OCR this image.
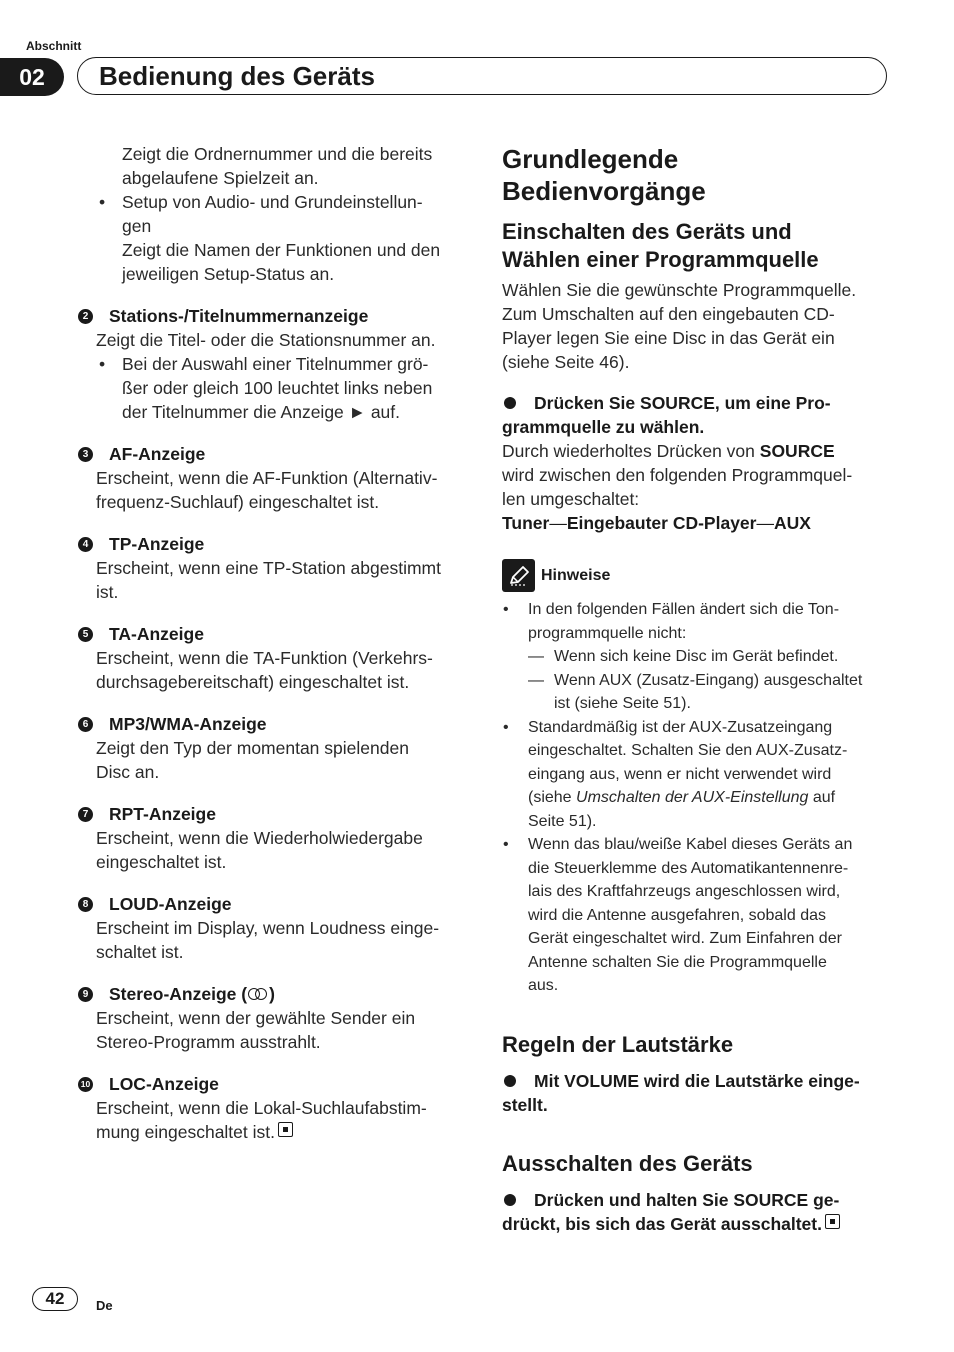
Abschnitt
02	Bedienung des Geräts

Zeigt die Ordnernummer und die bereits
abgelaufene Spielzeit an.

• Setup von Audio- und Grundeinstellun-
gen
Zeigt die Namen der Funktionen und den
jeweiligen Setup-Status an.

2 Stations-/Titelnummernanzeige

Zeigt die Titel- oder die Stationsnummer an.

• Bei der Auswahl einer Titelnummer grö-
ßer oder gleich 100 leuchtet links neben
der Titelnummer die Anzeige ► auf.

3 AF-Anzeige

Erscheint, wenn die AF-Funktion (Alternativ-
frequenz-Suchlauf) eingeschaltet ist.

4 TP-Anzeige

Erscheint, wenn eine TP-Station abgestimmt
ist.

5 TA-Anzeige

Erscheint, wenn die TA-Funktion (Verkehrs-
durchsagebereitschaft) eingeschaltet ist.

6 MP3/WMA-Anzeige

Zeigt den Typ der momentan spielenden
Disc an.

7 RPT-Anzeige

Erscheint, wenn die Wiederholwiedergabe
eingeschaltet ist.

8 LOUD-Anzeige

Erscheint im Display, wenn Loudness einge-
schaltet ist.

9 Stereo-Anzeige ( )

Erscheint, wenn der gewählte Sender ein
Stereo-Programm ausstrahlt.

10 LOC-Anzeige

Erscheint, wenn die Lokal-Suchlaufabstim-
mung eingeschaltet ist.

Grundlegende
Bedienvorgänge
Einschalten des Geräts und
Wählen einer Programmquelle

Wählen Sie die gewünschte Programmquelle.
Zum Umschalten auf den eingebauten CD-
Player legen Sie eine Disc in das Gerät ein
(siehe Seite 46).

Drücken Sie SOURCE, um eine Pro-
grammquelle zu wählen.

Durch wiederholtes Drücken von SOURCE
wird zwischen den folgenden Programmquel-
len umgeschaltet:

Tuner—Eingebauter CD-Player—AUX

Hinweise
• In den folgenden Fällen ändert sich die Ton-
programmquelle nicht:
— Wenn sich keine Disc im Gerät befindet.
— Wenn AUX (Zusatz-Eingang) ausgeschaltet
ist (siehe Seite 51).
• Standardmäßig ist der AUX-Zusatzeingang
eingeschaltet. Schalten Sie den AUX-Zusatz-
eingang aus, wenn er nicht verwendet wird
(siehe Umschalten der AUX-Einstellung auf
Seite 51).
• Wenn das blau/weiße Kabel dieses Geräts an
die Steuerklemme des Automatikantennenre-
lais des Kraftfahrzeugs angeschlossen wird,
wird die Antenne ausgefahren, sobald das
Gerät eingeschaltet wird. Zum Einfahren der
Antenne schalten Sie die Programmquelle
aus.
Regeln der Lautstärke
Mit VOLUME wird die Lautstärke einge-
stellt.
Ausschalten des Geräts
Drücken und halten Sie SOURCE ge-
drückt, bis sich das Gerät ausschaltet.
42	De
